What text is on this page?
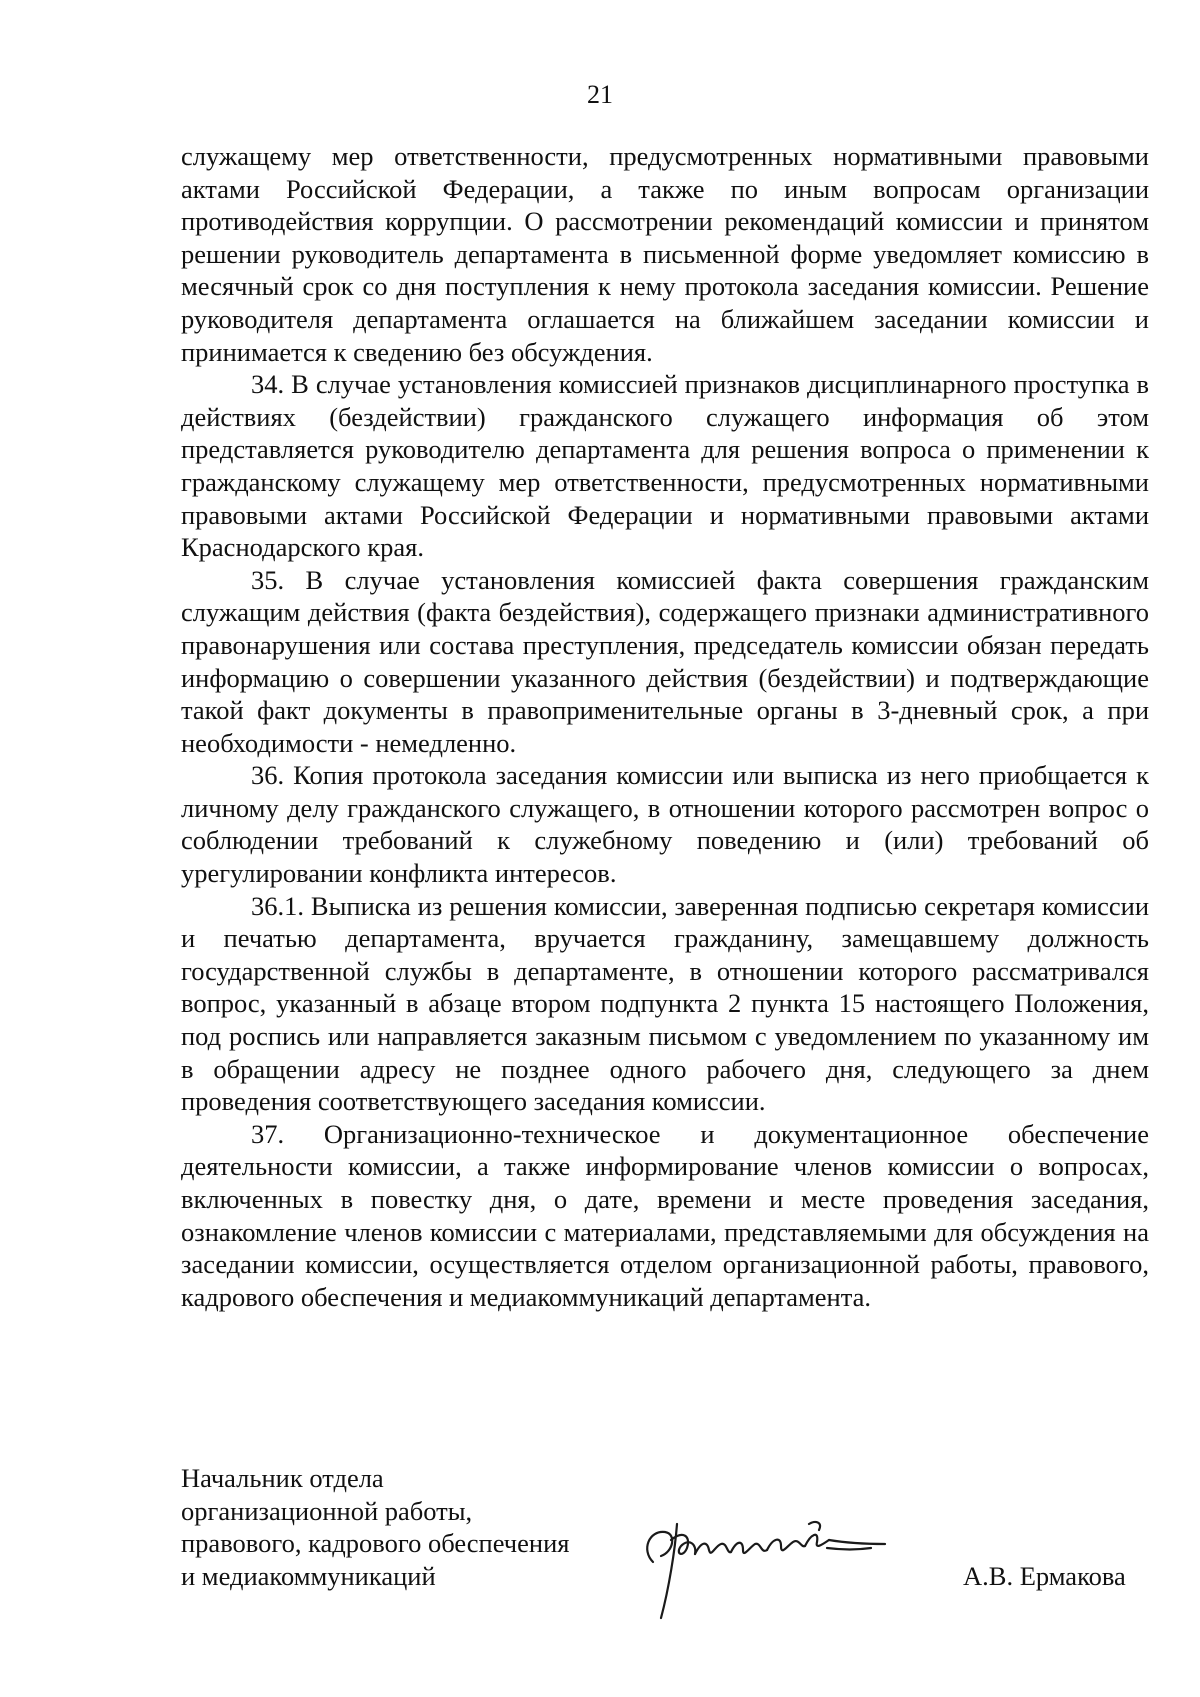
21

служащему мер ответственности, предусмотренных нормативными правовыми актами Российской Федерации, а также по иным вопросам организации противодействия коррупции. О рассмотрении рекомендаций комиссии и принятом решении руководитель департамента в письменной форме уведомляет комиссию в месячный срок со дня поступления к нему протокола заседания комиссии. Решение руководителя департамента оглашается на ближайшем заседании комиссии и принимается к сведению без обсуждения.

34. В случае установления комиссией признаков дисциплинарного проступка в действиях (бездействии) гражданского служащего информация об этом представляется руководителю департамента для решения вопроса о применении к гражданскому служащему мер ответственности, предусмотренных нормативными правовыми актами Российской Федерации и нормативными правовыми актами Краснодарского края.

35. В случае установления комиссией факта совершения гражданским служащим действия (факта бездействия), содержащего признаки административного правонарушения или состава преступления, председатель комиссии обязан передать информацию о совершении указанного действия (бездействии) и подтверждающие такой факт документы в правоприменительные органы в 3-дневный срок, а при необходимости - немедленно.

36. Копия протокола заседания комиссии или выписка из него приобщается к личному делу гражданского служащего, в отношении которого рассмотрен вопрос о соблюдении требований к служебному поведению и (или) требований об урегулировании конфликта интересов.

36.1. Выписка из решения комиссии, заверенная подписью секретаря комиссии и печатью департамента, вручается гражданину, замещавшему должность государственной службы в департаменте, в отношении которого рассматривался вопрос, указанный в абзаце втором подпункта 2 пункта 15 настоящего Положения, под роспись или направляется заказным письмом с уведомлением по указанному им в обращении адресу не позднее одного рабочего дня, следующего за днем проведения соответствующего заседания комиссии.

37. Организационно-техническое и документационное обеспечение деятельности комиссии, а также информирование членов комиссии о вопросах, включенных в повестку дня, о дате, времени и месте проведения заседания, ознакомление членов комиссии с материалами, представляемыми для обсуждения на заседании комиссии, осуществляется отделом организационной работы, правового, кадрового обеспечения и медиакоммуникаций департамента.

Начальник отдела
организационной работы,
правового, кадрового обеспечения
и медиакоммуникаций	А.В. Ермакова
